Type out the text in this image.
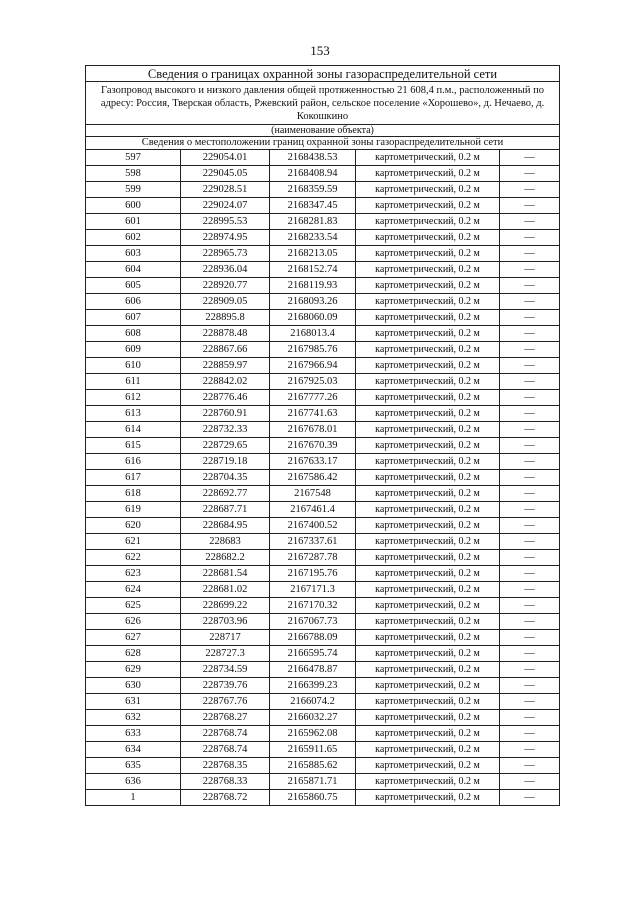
153
Сведения о границах охранной зоны газораспределительной сети				
Газопровод высокого и низкого давления общей протяженностью 21 608,4 п.м., расположенный по адресу: Россия, Тверская область, Ржевский район, сельское поселение «Хорошево», д. Нечаево, д. Кокошкино				
(наименование объекта)				
Сведения о местоположении границ охранной зоны газораспределительной сети				
597	229054.01	2168438.53	картометрический, 0.2 м	—
598	229045.05	2168408.94	картометрический, 0.2 м	—
599	229028.51	2168359.59	картометрический, 0.2 м	—
600	229024.07	2168347.45	картометрический, 0.2 м	—
601	228995.53	2168281.83	картометрический, 0.2 м	—
602	228974.95	2168233.54	картометрический, 0.2 м	—
603	228965.73	2168213.05	картометрический, 0.2 м	—
604	228936.04	2168152.74	картометрический, 0.2 м	—
605	228920.77	2168119.93	картометрический, 0.2 м	—
606	228909.05	2168093.26	картометрический, 0.2 м	—
607	228895.8	2168060.09	картометрический, 0.2 м	—
608	228878.48	2168013.4	картометрический, 0.2 м	—
609	228867.66	2167985.76	картометрический, 0.2 м	—
610	228859.97	2167966.94	картометрический, 0.2 м	—
611	228842.02	2167925.03	картометрический, 0.2 м	—
612	228776.46	2167777.26	картометрический, 0.2 м	—
613	228760.91	2167741.63	картометрический, 0.2 м	—
614	228732.33	2167678.01	картометрический, 0.2 м	—
615	228729.65	2167670.39	картометрический, 0.2 м	—
616	228719.18	2167633.17	картометрический, 0.2 м	—
617	228704.35	2167586.42	картометрический, 0.2 м	—
618	228692.77	2167548	картометрический, 0.2 м	—
619	228687.71	2167461.4	картометрический, 0.2 м	—
620	228684.95	2167400.52	картометрический, 0.2 м	—
621	228683	2167337.61	картометрический, 0.2 м	—
622	228682.2	2167287.78	картометрический, 0.2 м	—
623	228681.54	2167195.76	картометрический, 0.2 м	—
624	228681.02	2167171.3	картометрический, 0.2 м	—
625	228699.22	2167170.32	картометрический, 0.2 м	—
626	228703.96	2167067.73	картометрический, 0.2 м	—
627	228717	2166788.09	картометрический, 0.2 м	—
628	228727.3	2166595.74	картометрический, 0.2 м	—
629	228734.59	2166478.87	картометрический, 0.2 м	—
630	228739.76	2166399.23	картометрический, 0.2 м	—
631	228767.76	2166074.2	картометрический, 0.2 м	—
632	228768.27	2166032.27	картометрический, 0.2 м	—
633	228768.74	2165962.08	картометрический, 0.2 м	—
634	228768.74	2165911.65	картометрический, 0.2 м	—
635	228768.35	2165885.62	картометрический, 0.2 м	—
636	228768.33	2165871.71	картометрический, 0.2 м	—
1	228768.72	2165860.75	картометрический, 0.2 м	—
